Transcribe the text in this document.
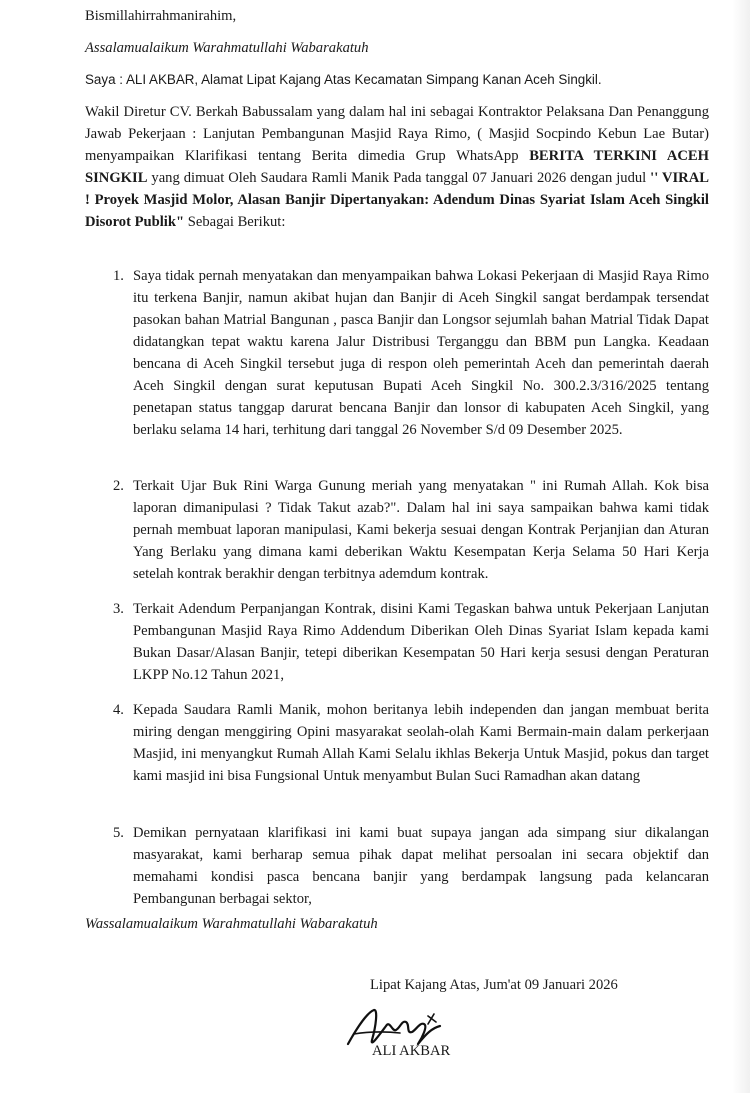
Bismillahirrahmanirahim,
Assalamualaikum Warahmatullahi Wabarakatuh
Saya : ALI AKBAR, Alamat Lipat Kajang Atas Kecamatan Simpang Kanan Aceh Singkil.
Wakil Diretur CV. Berkah Babussalam yang dalam hal ini sebagai Kontraktor Pelaksana Dan Penanggung Jawab Pekerjaan : Lanjutan Pembangunan Masjid Raya Rimo, ( Masjid Socpindo Kebun Lae Butar) menyampaikan Klarifikasi tentang Berita dimedia Grup WhatsApp BERITA TERKINI ACEH SINGKIL yang dimuat Oleh Saudara Ramli Manik Pada tanggal 07 Januari 2026 dengan judul '' VIRAL ! Proyek Masjid Molor, Alasan Banjir Dipertanyakan: Adendum Dinas Syariat Islam Aceh Singkil Disorot Publik" Sebagai Berikut:
1. Saya tidak pernah menyatakan dan menyampaikan bahwa Lokasi Pekerjaan di Masjid Raya Rimo itu terkena Banjir, namun akibat hujan dan Banjir di Aceh Singkil sangat berdampak tersendat pasokan bahan Matrial Bangunan , pasca Banjir dan Longsor sejumlah bahan Matrial Tidak Dapat didatangkan tepat waktu karena Jalur Distribusi Terganggu dan BBM pun Langka. Keadaan bencana di Aceh Singkil tersebut juga di respon oleh pemerintah Aceh dan pemerintah daerah Aceh Singkil dengan surat keputusan Bupati Aceh Singkil No. 300.2.3/316/2025 tentang penetapan status tanggap darurat bencana Banjir dan lonsor di kabupaten Aceh Singkil, yang berlaku selama 14 hari, terhitung dari tanggal 26 November S/d 09 Desember 2025.
2. Terkait Ujar Buk Rini Warga Gunung meriah yang menyatakan " ini Rumah Allah. Kok bisa laporan dimanipulasi ? Tidak Takut azab?". Dalam hal ini saya sampaikan bahwa kami tidak pernah membuat laporan manipulasi, Kami bekerja sesuai dengan Kontrak Perjanjian dan Aturan Yang Berlaku yang dimana kami deberikan Waktu Kesempatan Kerja Selama 50 Hari Kerja setelah kontrak berakhir dengan terbitnya ademdum kontrak.
3. Terkait Adendum Perpanjangan Kontrak, disini Kami Tegaskan bahwa untuk Pekerjaan Lanjutan Pembangunan Masjid Raya Rimo Addendum Diberikan Oleh Dinas Syariat Islam kepada kami Bukan Dasar/Alasan Banjir, tetepi diberikan Kesempatan 50 Hari kerja sesusi dengan Peraturan LKPP No.12 Tahun 2021,
4. Kepada Saudara Ramli Manik, mohon beritanya lebih independen dan jangan membuat berita miring dengan menggiring Opini masyarakat seolah-olah Kami Bermain-main dalam perkerjaan Masjid, ini menyangkut Rumah Allah Kami Selalu ikhlas Bekerja Untuk Masjid, pokus dan target kami masjid ini bisa Fungsional Untuk menyambut Bulan Suci Ramadhan akan datang
5. Demikan pernyataan klarifikasi ini kami buat supaya jangan ada simpang siur dikalangan masyarakat, kami berharap semua pihak dapat melihat persoalan ini secara objektif dan memahami kondisi pasca bencana banjir yang berdampak langsung pada kelancaran Pembangunan berbagai sektor,
Wassalamualaikum Warahmatullahi Wabarakatuh
Lipat Kajang Atas, Jum'at 09 Januari 2026
ALI AKBAR
